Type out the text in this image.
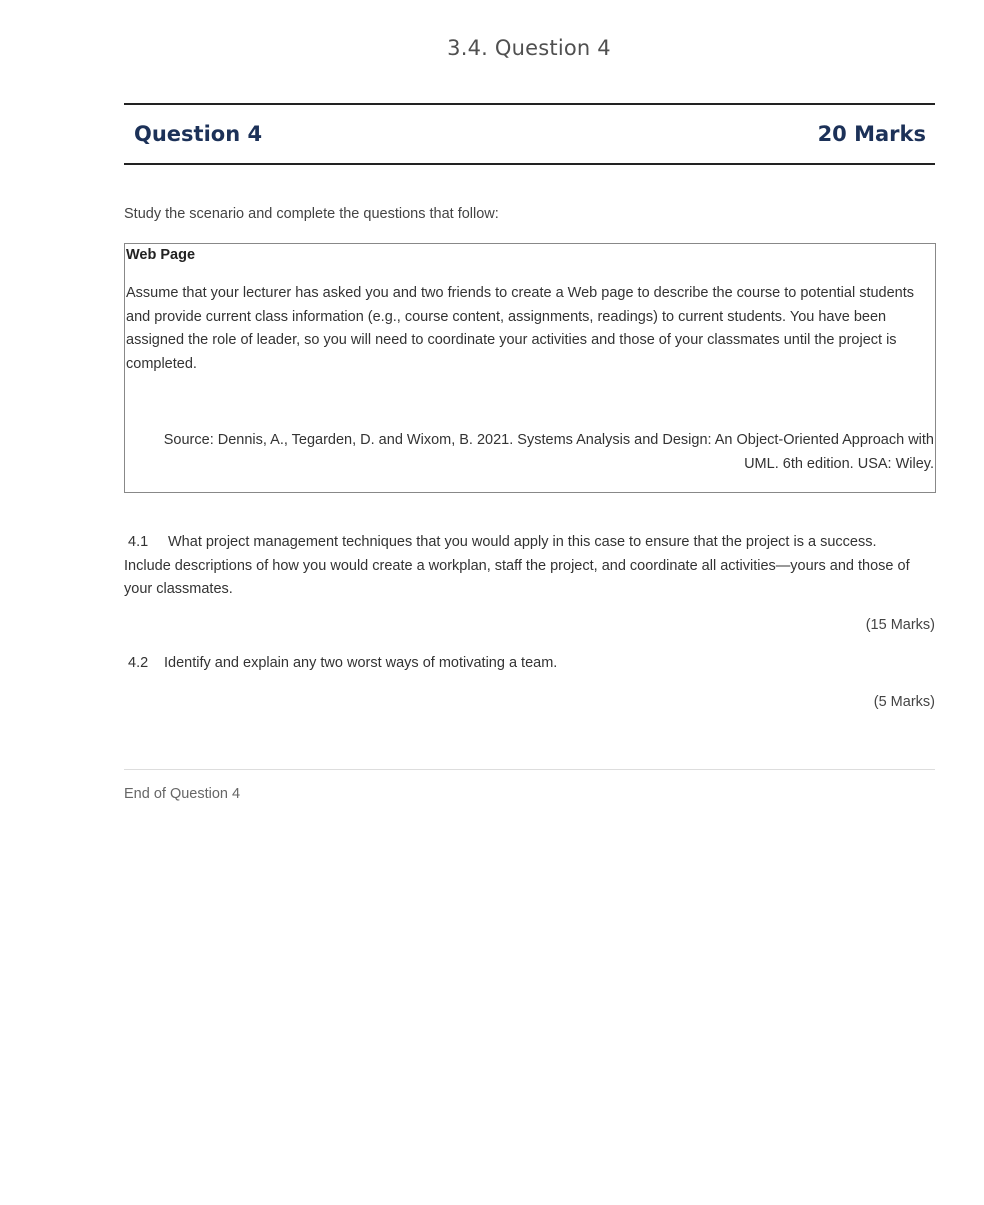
3.4. Question 4
Question 4	20 Marks
Study the scenario and complete the questions that follow:
Web Page
Assume that your lecturer has asked you and two friends to create a Web page to describe the course to potential students and provide current class information (e.g., course content, assignments, readings) to current students. You have been assigned the role of leader, so you will need to coordinate your activities and those of your classmates until the project is completed.
Source: Dennis, A., Tegarden, D. and Wixom, B. 2021. Systems Analysis and Design: An Object-Oriented Approach with UML. 6th edition. USA: Wiley.
4.1 What project management techniques that you would apply in this case to ensure that the project is a success. Include descriptions of how you would create a workplan, staff the project, and coordinate all activities—yours and those of your classmates.
(15 Marks)
4.2 Identify and explain any two worst ways of motivating a team.
(5 Marks)
End of Question 4
